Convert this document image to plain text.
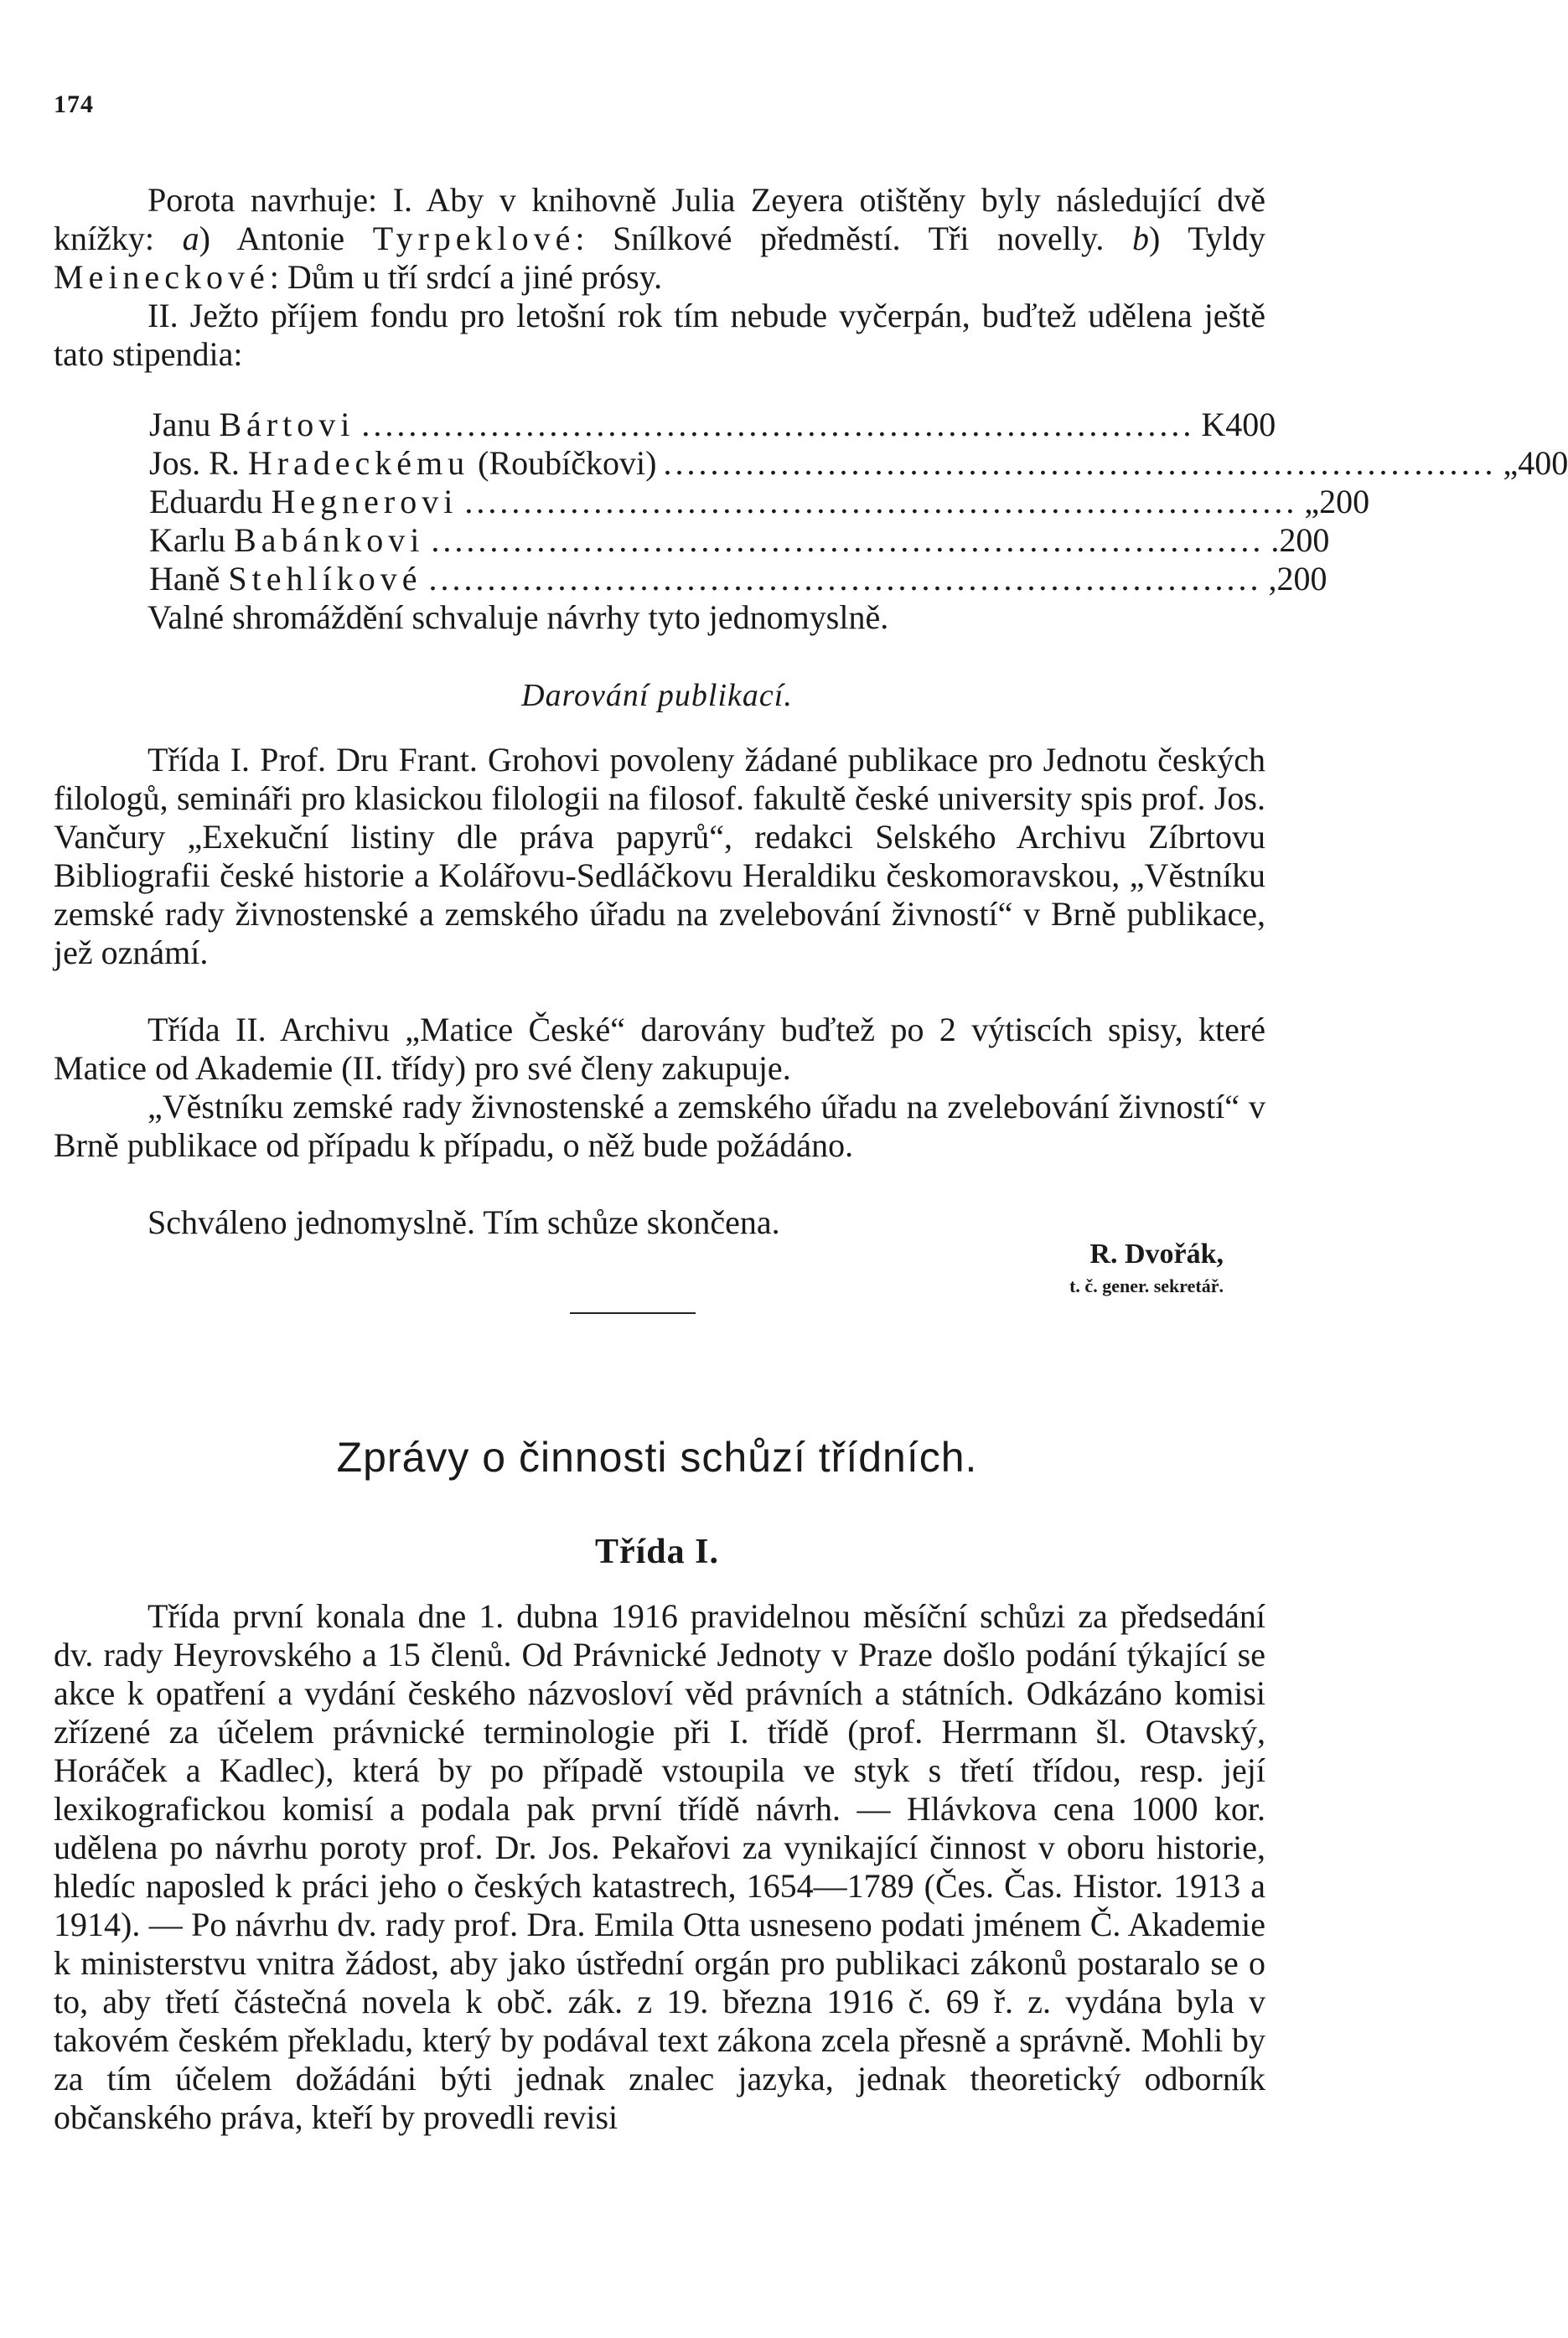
174

Porota navrhuje: I. Aby v knihovně Julia Zeyera otištěny byly následující dvě knížky: a) Antonie Tyrpeklové: Snílkové předměstí. Tři novelly. b) Tyldy Meineckové: Dům u tří srdcí a jiné prósy.

II. Ježto příjem fondu pro letošní rok tím nebude vyčerpán, buďtež udělena ještě tato stipendia:

Janu Bártovi ....................................................................... K 400
Jos. R. Hradeckému (Roubíčkovi) ....................................................................... „ 400
Eduardu Hegnerovi ....................................................................... „ 200
Karlu Babánkovi ....................................................................... . 200
Haně Stehlíkové ....................................................................... , 200

Valné shromáždění schvaluje návrhy tyto jednomyslně.

Darování publikací.

Třída I. Prof. Dru Frant. Grohovi povoleny žádané publikace pro Jednotu českých filologů, semináři pro klasickou filologii na filosof. fakultě české university spis prof. Jos. Vančury „Exekuční listiny dle práva papyrů“, redakci Selského Archivu Zíbrtovu Bibliografii české historie a Kolářovu-Sedláčkovu Heraldiku českomoravskou, „Věstníku zemské rady živnostenské a zemského úřadu na zvelebování živností“ v Brně publikace, jež oznámí.

Třída II. Archivu „Matice České“ darovány buďtež po 2 výtiscích spisy, které Matice od Akademie (II. třídy) pro své členy zakupuje.

„Věstníku zemské rady živnostenské a zemského úřadu na zvelebování živností“ v Brně publikace od případu k případu, o něž bude požádáno.

Schváleno jednomyslně. Tím schůze skončena.

R. Dvořák,
t. č. gener. sekretář.
Zprávy o činnosti schůzí třídních.
Třída I.

Třída první konala dne 1. dubna 1916 pravidelnou měsíční schůzi za předsedání dv. rady Heyrovského a 15 členů. Od Právnické Jednoty v Praze došlo podání týkající se akce k opatření a vydání českého názvosloví věd právních a státních. Odkázáno komisi zřízené za účelem právnické terminologie při I. třídě (prof. Herrmann šl. Otavský, Horáček a Kadlec), která by po případě vstoupila ve styk s třetí třídou, resp. její lexikografickou komisí a podala pak první třídě návrh. — Hlávkova cena 1000 kor. udělena po návrhu poroty prof. Dr. Jos. Pekařovi za vynikající činnost v oboru historie, hledíc naposled k práci jeho o českých katastrech, 1654—1789 (Čes. Čas. Histor. 1913 a 1914). — Po návrhu dv. rady prof. Dra. Emila Otta usneseno podati jménem Č. Akademie k ministerstvu vnitra žádost, aby jako ústřední orgán pro publikaci zákonů postaralo se o to, aby třetí částečná novela k obč. zák. z 19. března 1916 č. 69 ř. z. vydána byla v takovém českém překladu, který by podával text zákona zcela přesně a správně. Mohli by za tím účelem dožádáni býti jednak znalec jazyka, jednak theoretický odborník občanského práva, kteří by provedli revisi
